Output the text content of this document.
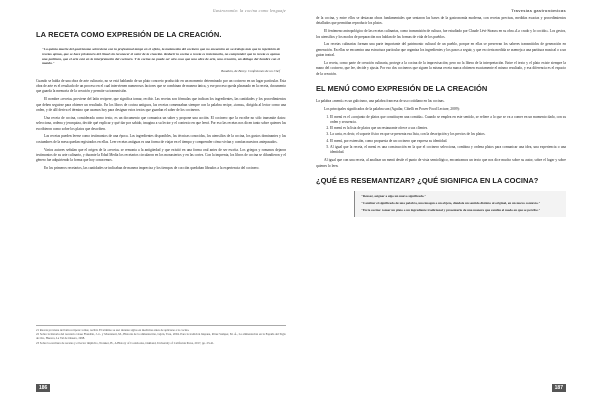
Gastronomía: la cocina como lenguaje
LA RECETA COMO EXPRESIÓN DE LA CREACIÓN.

"La quinta muerte del gastrónomo sobreviene con la profesional miope en el oficio, la melancolía del cocinero que no encuentra en su trabajo más que la repetición de recetas ajenas, que se hace prisionero del ritual sin reconocer el valor de la creación. Reducir la cocina a receta es traicionarla, no comprender que la receta es apenas una partitura, que el arte está en la interpretación del cocinero. Y la cocina no puede ser otra cosa que una obra de arte, una creación, un diálogo del hombre con el mundo."

Bauduin, de Borey. Confesiones de un Chef

Cuando se habla de una obra de arte culinario, no se está hablando de un plato concreto producido en un momento determinado por un cocinero en un lugar particular. Esta obra de arte es el resultado de un proceso en el cual intervienen numerosos factores que se combinan de manera única, y ese proceso queda plasmado en la receta, documento que guarda la memoria de la creación y permite su transmisión.

El nombre «receta» proviene del latín recipere, que significa tomar, recibir. Las recetas son fórmulas que indican los ingredientes, las cantidades y los procedimientos que deben seguirse para obtener un resultado. En los libros de cocina antiguos, las recetas comenzaban siempre con la palabra recipe, «toma», dirigida al lector como una orden, y de allí deriva el término que usamos hoy para designar estos textos que guardan el saber de los cocineros.

Una receta de cocina, considerada como texto, es un documento que comunica un saber y propone una acción. El cocinero que la escribe no sólo transmite datos: selecciona, ordena y jerarquiza, decide qué explicar y qué dar por sabido, imagina a su lector y el contexto en que leerá. Por eso las recetas nos dicen tanto sobre quienes las escribieron como sobre los platos que describen.

Las recetas pueden leerse como testimonios de una época. Los ingredientes disponibles, las técnicas conocidas, los utensilios de la cocina, los gustos dominantes y las costumbres de la mesa quedan registrados en ellas. Leer recetas antiguas es una forma de viajar en el tiempo y comprender cómo vivían y comían nuestros antepasados.

Varios autores señalan que el origen de la «receta» se remonta a la antigüedad y que existió en una forma oral antes de ser escrita. Los griegos y romanos dejaron testimonios de su arte culinario, y durante la Edad Media los recetarios circularon en los monasterios y en las cortes. Con la imprenta, los libros de cocina se difundieron y el género fue adquiriendo la forma que hoy conocemos.

En los primeros recetarios, las cantidades se indicaban de manera imprecisa y los tiempos de cocción quedaban librados a la experiencia del cocinero.

21 Receta proviene del latín recipere: tomar, recibir. El término se usó durante siglos en medicina antes de aplicarse a la cocina.

22 Sobre la historia del recetario véase Flandrin, J.-L. y Montanari, M., Historia de la alimentación, Gijón, Trea, 2004. Para la tradición hispana, Pérez Samper, M. Á., La alimentación en la España del Siglo de Oro, Huesca, La Val de Onsera, 1998.

23 Sobre la escritura de recetas y el lector implícito, Notaker, H., A History of Cookbooks, Oakland, University of California Press, 2017, pp. 23-41.

186
Travesías gastronómicas

de la cocina, y entre ellos se destacan obras fundamentales que sentaron las bases de la gastronomía moderna, con recetas precisas, medidas exactas y procedimientos detallados que permitían reproducir los platos.

El fenómeno antropológico de las recetas culinarias, como transmisión de cultura, fue estudiado por Claude Lévi-Strauss en su obra «Lo crudo y lo cocido». Los gestos, los utensilios y los modos de preparación nos hablan de las formas de vida de los pueblos.

Las recetas culinarias forman una parte importante del patrimonio cultural de un pueblo, porque en ellas se preservan los saberes transmitidos de generación en generación. En ellas se encuentra una estructura particular que organiza los ingredientes y los pasos a seguir, y que en cierta medida se asemeja a una partitura musical o a un guion teatral.

La receta, como parte de creación culinaria, protege a la cocina de la improvisación; pero no la libera de la interpretación. Entre el texto y el plato existe siempre la mano del cocinero, que lee, decide y ajusta. Por eso dos cocineros que siguen la misma receta nunca obtienen exactamente el mismo resultado, y esa diferencia es el espacio de la creación.

EL MENÚ COMO EXPRESIÓN DE LA CREACIÓN

La palabra «menú» es un galicismo, una palabra francesa de uso cotidiano en las cocinas.

Los principales significados de la palabra son (Aguilar, Cibelli en Power Food Lecture, 2009):

1. El menú es el «conjunto de platos que constituyen una comida». Cuando se emplea en este sentido, se refiere a lo que se va a comer en un momento dado, con su orden y secuencia.
2. El menú es la lista de platos que un restaurante ofrece a sus clientes.
3. La carta, es decir, el soporte físico en que se presenta esa lista, con la descripción y los precios de los platos.
4. El menú, por extensión, como propuesta de un cocinero que expresa su identidad.
5. Al igual que la receta, el menú es una construcción en la que el cocinero selecciona, combina y ordena platos para comunicar una idea, una experiencia o una identidad.

Al igual que con una receta, al analizar un menú desde el punto de vista semiológico, encontramos un texto que nos dice mucho sobre su autor, sobre el lugar y sobre quienes lo leen.

¿QUÉ ES RESEMANTIZAR? ¿QUÉ SIGNIFICA EN LA COCINA?

"Reusar, asignar a algo un nuevo significado."

"Cambiar el significado de una palabra, una imagen o un objeto, dándole un sentido distinto al original, en un nuevo contexto."

"En la cocina: tomar un plato o un ingrediente tradicional y presentarlo de una manera que cambie el modo en que se percibe."

187
